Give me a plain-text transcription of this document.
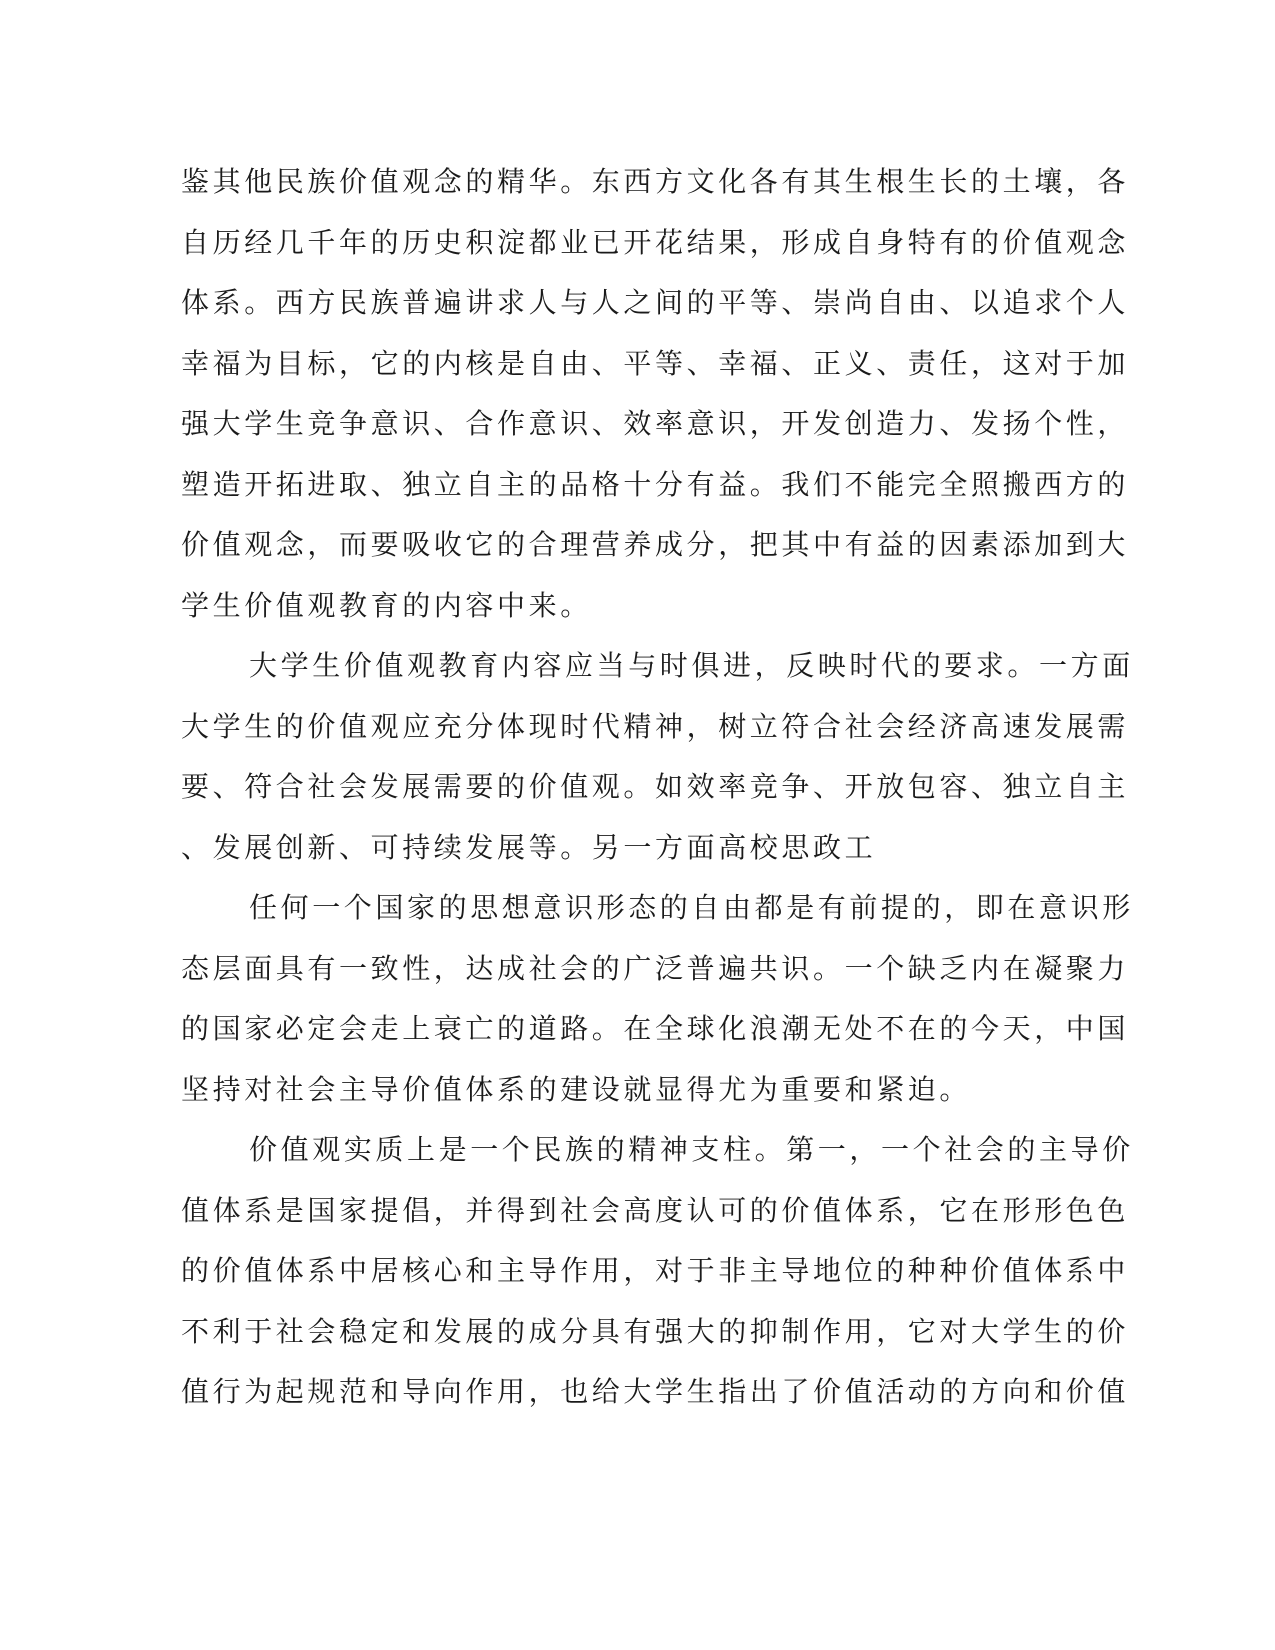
鉴其他民族价值观念的精华。东西方文化各有其生根生长的土壤，各
自历经几千年的历史积淀都业已开花结果，形成自身特有的价值观念
体系。西方民族普遍讲求人与人之间的平等、崇尚自由、以追求个人
幸福为目标，它的内核是自由、平等、幸福、正义、责任，这对于加
强大学生竞争意识、合作意识、效率意识，开发创造力、发扬个性，
塑造开拓进取、独立自主的品格十分有益。我们不能完全照搬西方的
价值观念，而要吸收它的合理营养成分，把其中有益的因素添加到大
学生价值观教育的内容中来。
大学生价值观教育内容应当与时俱进，反映时代的要求。一方面
大学生的价值观应充分体现时代精神，树立符合社会经济高速发展需
要、符合社会发展需要的价值观。如效率竞争、开放包容、独立自主
、发展创新、可持续发展等。另一方面高校思政工
任何一个国家的思想意识形态的自由都是有前提的，即在意识形
态层面具有一致性，达成社会的广泛普遍共识。一个缺乏内在凝聚力
的国家必定会走上衰亡的道路。在全球化浪潮无处不在的今天，中国
坚持对社会主导价值体系的建设就显得尤为重要和紧迫。
价值观实质上是一个民族的精神支柱。第一，一个社会的主导价
值体系是国家提倡，并得到社会高度认可的价值体系，它在形形色色
的价值体系中居核心和主导作用，对于非主导地位的种种价值体系中
不利于社会稳定和发展的成分具有强大的抑制作用，它对大学生的价
值行为起规范和导向作用，也给大学生指出了价值活动的方向和价值
